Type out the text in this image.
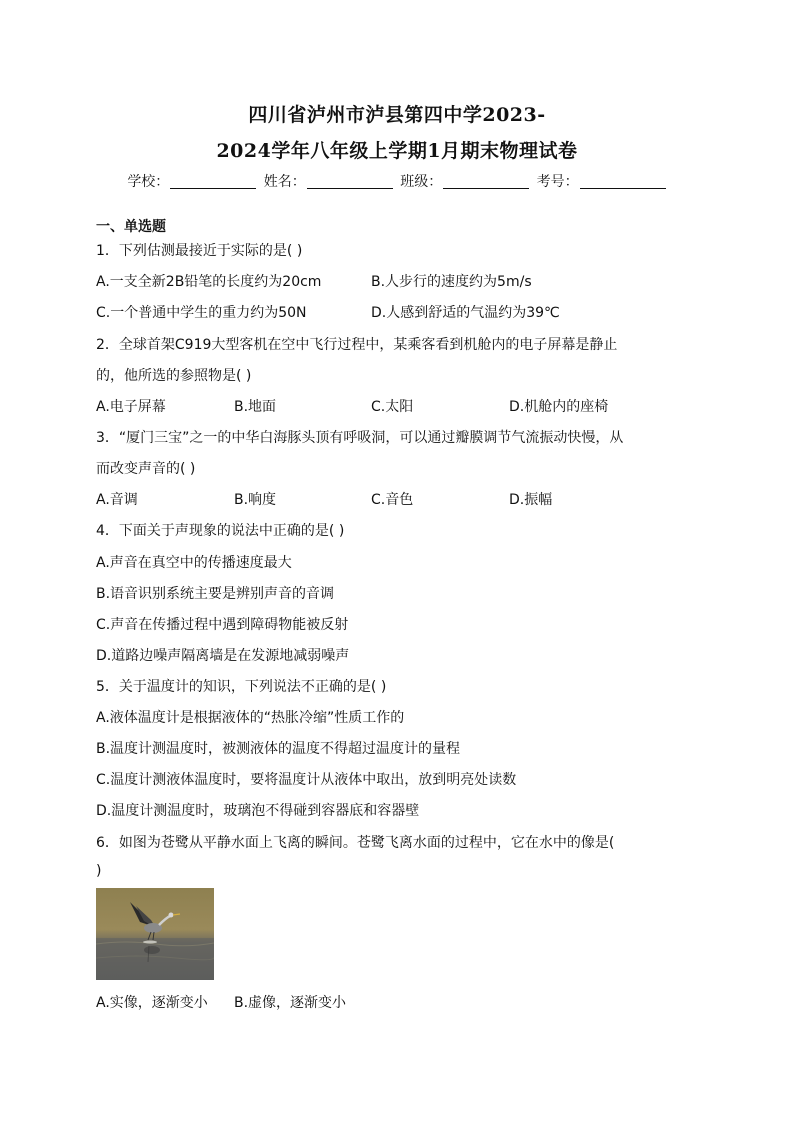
四川省泸州市泸县第四中学2023-
2024学年八年级上学期1月期末物理试卷
学校：	姓名：	班级：	考号：
一、单选题
1．下列估测最接近于实际的是( )
A.一支全新2B铅笔的长度约为20cm	B.人步行的速度约为5m/s
C.一个普通中学生的重力约为50N	D.人感到舒适的气温约为39℃
2．全球首架C919大型客机在空中飞行过程中，某乘客看到机舱内的电子屏幕是静止
的，他所选的参照物是( )
A.电子屏幕	B.地面	C.太阳	D.机舱内的座椅
3．“厦门三宝”之一的中华白海豚头顶有呼吸洞，可以通过瓣膜调节气流振动快慢，从
而改变声音的( )
A.音调	B.响度	C.音色	D.振幅
4．下面关于声现象的说法中正确的是( )
A.声音在真空中的传播速度最大
B.语音识别系统主要是辨别声音的音调
C.声音在传播过程中遇到障碍物能被反射
D.道路边噪声隔离墙是在发源地减弱噪声
5．关于温度计的知识，下列说法不正确的是( )
A.液体温度计是根据液体的“热胀冷缩”性质工作的
B.温度计测温度时，被测液体的温度不得超过温度计的量程
C.温度计测液体温度时，要将温度计从液体中取出，放到明亮处读数
D.温度计测温度时，玻璃泡不得碰到容器底和容器壁
6．如图为苍鹭从平静水面上飞离的瞬间。苍鹭飞离水面的过程中，它在水中的像是(
)
A.实像，逐渐变小 B.虚像，逐渐变小
